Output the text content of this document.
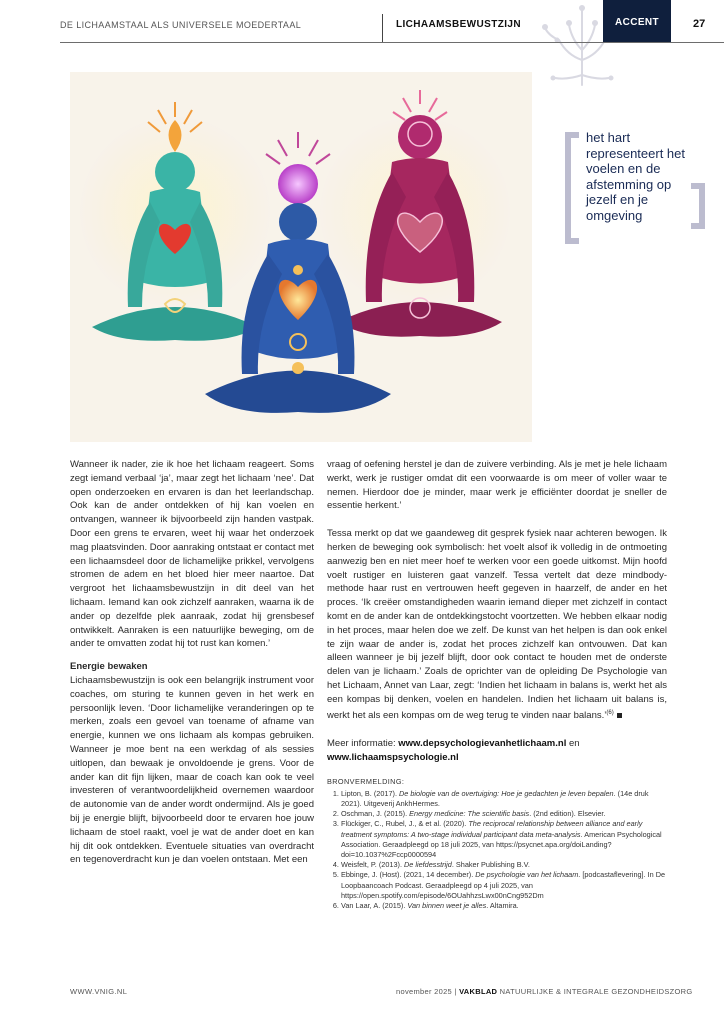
DE LICHAAMSTAAL ALS UNIVERSELE MOEDERTAAL	LICHAAMSBEWUSTZIJN	ACCENT	27
het hart representeert het voelen en de afstemming op jezelf en je omgeving

Wanneer ik nader, zie ik hoe het lichaam reageert. Soms zegt iemand verbaal ‘ja’, maar zegt het lichaam ‘nee’. Dat open onderzoeken en ervaren is dan het leerlandschap. Ook kan de ander ontdekken of hij kan voelen en ontvangen, wanneer ik bijvoorbeeld zijn handen vastpak. Door een grens te ervaren, weet hij waar het onderzoek mag plaatsvinden. Door aanraking ontstaat er contact met een lichaamsdeel door de lichamelijke prikkel, vervolgens stromen de adem en het bloed hier meer naartoe. Dat vergroot het lichaamsbewustzijn in dit deel van het lichaam. Iemand kan ook zichzelf aanraken, waarna ik de ander op dezelfde plek aanraak, zodat hij grensbesef ontwikkelt. Aanraken is een natuurlijke beweging, om de ander te omvatten zodat hij tot rust kan komen.’

Energie bewaken

Lichaamsbewustzijn is ook een belangrijk instrument voor coaches, om sturing te kunnen geven in het werk en persoonlijk leven. ‘Door lichamelijke veranderingen op te merken, zoals een gevoel van toename of afname van energie, kunnen we ons lichaam als kompas gebruiken. Wanneer je moe bent na een werkdag of als sessies uitlopen, dan bewaak je onvoldoende je grens. Voor de ander kan dit fijn lijken, maar de coach kan ook te veel investeren of verantwoordelijkheid overnemen waardoor de autonomie van de ander wordt ondermijnd. Als je goed bij je energie blijft, bijvoorbeeld door te ervaren hoe jouw lichaam de stoel raakt, voel je wat de ander doet en kan hij dit ook ontdekken. Eventuele situaties van overdracht en tegenoverdracht kun je dan voelen ontstaan. Met een

vraag of oefening herstel je dan de zuivere verbinding. Als je met je hele lichaam werkt, werk je rustiger omdat dit een voorwaarde is om meer of voller waar te nemen. Hierdoor doe je minder, maar werk je efficiënter doordat je sneller de essentie herkent.’

Tessa merkt op dat we gaandeweg dit gesprek fysiek naar achteren bewogen. Ik herken de beweging ook symbolisch: het voelt alsof ik volledig in de ontmoeting aanwezig ben en niet meer hoef te werken voor een goede uitkomst. Mijn hoofd voelt rustiger en luisteren gaat vanzelf. Tessa vertelt dat deze mindbody-methode haar rust en vertrouwen heeft gegeven in haarzelf, de ander en het proces. ‘Ik creëer omstandigheden waarin iemand dieper met zichzelf in contact komt en de ander kan de ontdekkingstocht voortzetten. We hebben elkaar nodig in het proces, maar helen doe we zelf. De kunst van het helpen is dan ook enkel te zijn waar de ander is, zodat het proces zichzelf kan ontvouwen. Dat kan alleen wanneer je bij jezelf blijft, door ook contact te houden met de onderste delen van je lichaam.’ Zoals de oprichter van de opleiding De Psychologie van het Lichaam, Annet van Laar, zegt: ‘Indien het lichaam in balans is, werkt het als een kompas bij denken, voelen en handelen. Indien het lichaam uit balans is, werkt het als een kompas om de weg terug te vinden naar balans.’$^{(6)}$

Meer informatie: www.depsychologievanhetlichaam.nl en
www.lichaamspsychologie.nl
BRONVERMELDING:
1. Lipton, B. (2017). De biologie van de overtuiging: Hoe je gedachten je leven bepalen. (14e druk 2021). Uitgeverij AnkhHermes.
2. Oschman, J. (2015). Energy medicine: The scientific basis. (2nd edition). Elsevier.
3. Flückiger, C., Rubel, J., & et al. (2020). The reciprocal relationship between alliance and early treatment symptoms: A two-stage individual participant data meta-analysis. American Psychological Association. Geraadpleegd op 18 juli 2025, van https://psycnet.apa.org/doiLanding?doi=10.1037%2Fccp0000594
4. Weisfelt, P. (2013). De liefdesstrijd. Shaker Publishing B.V.
5. Ebbinge, J. (Host). (2021, 14 december). De psychologie van het lichaam. [podcastaflevering]. In De Loopbaancoach Podcast. Geraadpleegd op 4 juli 2025, van https://open.spotify.com/episode/6OUahhzsLwx00nCng952Dm
6. Van Laar, A. (2015). Van binnen weet je alles. Altamira.
WWW.VNIG.NL	november 2025 | VAKBLAD NATUURLIJKE & INTEGRALE GEZONDHEIDSZORG
